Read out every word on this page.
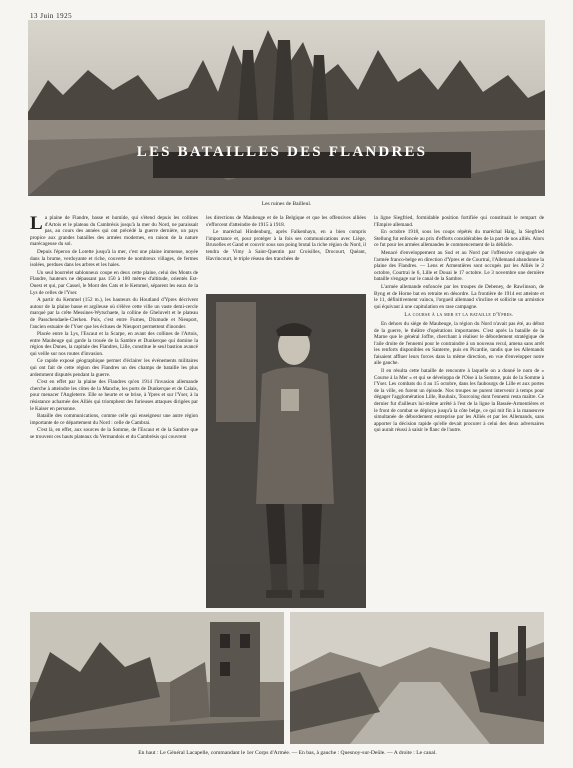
13 Juin 1925
LES BATAILLES DES FLANDRES
Les ruines de Bailleul.

La plaine de Flandre, basse et humide, qui s'étend depuis les collines d'Artois et le plateau du Cambrésis jusqu'à la mer du Nord, ne paraissait pas, au cours des années qui ont précédé la guerre dernière, un pays propice aux grandes batailles des armées modernes, en raison de la nature marécageuse du sol.

Depuis l'éperon de Lorette jusqu'à la mer, c'est une plaine immense, noyée dans la brume, verdoyante et riche, couverte de nombreux villages, de fermes isolées, perdues dans les arbres et les haies.

Un seul bourrelet sablonneux coupe en deux cette plaine, celui des Monts de Flandre, hauteurs ne dépassant pas 150 à 180 mètres d'altitude, orientés Est-Ouest et qui, par Cassel, le Mont des Cats et le Kemmel, séparent les eaux de la Lys de celles de l'Yser.

A partir du Kemmel (152 m.), les hauteurs du Houtland d'Ypres décrivent autour de la plaine basse et argileuse où s'élève cette ville un vaste demi-cercle marqué par la crête Messines-Wytschaete, la colline de Gheluvelt et le plateau de Passchendaele-Clerken. Puis, c'est entre Furnes, Dixmude et Nieuport, l'ancien estuaire de l'Yser que les écluses de Nieuport permettent d'inonder.

Placée entre la Lys, l'Escaut et la Scarpe, en avant des collines de l'Artois, entre Maubeuge qui garde la trouée de la Sambre et Dunkerque qui domine la région des Dunes, la capitale des Flandres, Lille, constitue le seul bastion avancé qui veille sur nos routes d'invasion.

Ce rapide exposé géographique permet d'éclairer les événements militaires qui ont fait de cette région des Flandres un des champs de bataille les plus ardemment disputés pendant la guerre.

C'est en effet par la plaine des Flandres qu'en 1914 l'invasion allemande cherche à atteindre les côtes de la Manche, les ports de Dunkerque et de Calais, pour menacer l'Angleterre. Elle se heurte et se brise, à Ypres et sur l'Yser, à la résistance acharnée des Alliés qui triomphent des furieuses attaques dirigées par le Kaiser en personne.

Bataille des communications, comme celle qui enseigneur une autre région importante de ce département du Nord : celle de Cambrai.

C'est là, en effet, aux sources de la Somme, de l'Escaut et de la Sambre que se trouvent ces hauts plateaux du Vermandois et du Cambrésis qui couvrent

les directions de Maubeuge et de la Belgique et que les offensives alliées s'efforcent d'atteindre de 1915 à 1918.

Le maréchal Hindenburg, après Falkenhayn, en a bien compris l'importance et, pour protéger à la fois ses communications avec Liège, Bruxelles et Gand et couvrir sous son poing brutal la riche région du Nord, il tendra de Vimy à Saint-Quentin par Croisilles, Drocourt, Quéant, Havrincourt, le triple réseau des tranchées de

la ligne Siegfried, formidable position fortifiée qui constituait le rempart de l'Empire allemand.

En octobre 1918, sous les coups répétés du maréchal Haig, la Siegfried Stellung fut enfoncée au prix d'efforts considérables de la part de nos alliés. Alors ce fut pour les armées allemandes le commencement de la débâcle.

Menacé d'enveloppement au Sud et au Nord par l'offensive conjuguée de l'armée franco-belge en direction d'Ypres et de Courtrai, l'Allemand abandonne la plaine des Flandres. — Lens et Armentières sont occupés par les Alliés le 2 octobre, Courtrai le 6, Lille et Douai le 17 octobre. Le 3 novembre une dernière bataille s'engage sur le canal de la Sambre.

L'armée allemande enfoncée par les troupes de Debeney, de Rawlinson, de Byng et de Horne bat en retraite en désordre. La frontière de 1914 est atteinte et le 11, définitivement vaincu, l'orgueil allemand s'incline et sollicite un armistice qui équivaut à une capitulation en rase campagne.

La course à la mer et la bataille d'Ypres.

En dehors du siège de Maubeuge, la région du Nord n'avait pas été, au début de la guerre, le théâtre d'opérations importantes. C'est après la bataille de la Marne que le général Joffre, cherchant à réaliser le débordement stratégique de l'aile droite de l'ennemi pour le contraindre à un nouveau recul, amena sans arrêt les renforts disponibles en Santerre, puis en Picardie, tandis que les Allemands faisaient affluer leurs forces dans la même direction, en vue d'envelopper notre aile gauche.

Il en résulta cette bataille de rencontre à laquelle on a donné le nom de « Course à la Mer » et qui se développa de l'Oise à la Somme, puis de la Somme à l'Yser. Les combats du 4 au 15 octobre, dans les faubourgs de Lille et aux portes de la ville, en furent un épisode. Nos troupes ne purent intervenir à temps pour dégager l'agglomération Lille, Roubaix, Tourcoing dont l'ennemi resta maître. Ce dernier fut d'ailleurs lui-même arrêté à l'est de la ligne la Bassée-Armentières et le front de combat se déploya jusqu'à la côte belge, ce qui mit fin à la manœuvre simultanée de débordement entreprise par les Alliés et par les Allemands, sans apporter la décision rapide qu'elle devait procurer à celui des deux adversaires qui aurait réussi à saisir le flanc de l'autre.

En haut : Le Général Lacapelle, commandant le 1er Corps d'Armée. — En bas, à gauche : Quesnoy-sur-Deûle. — A droite : Le canal.
